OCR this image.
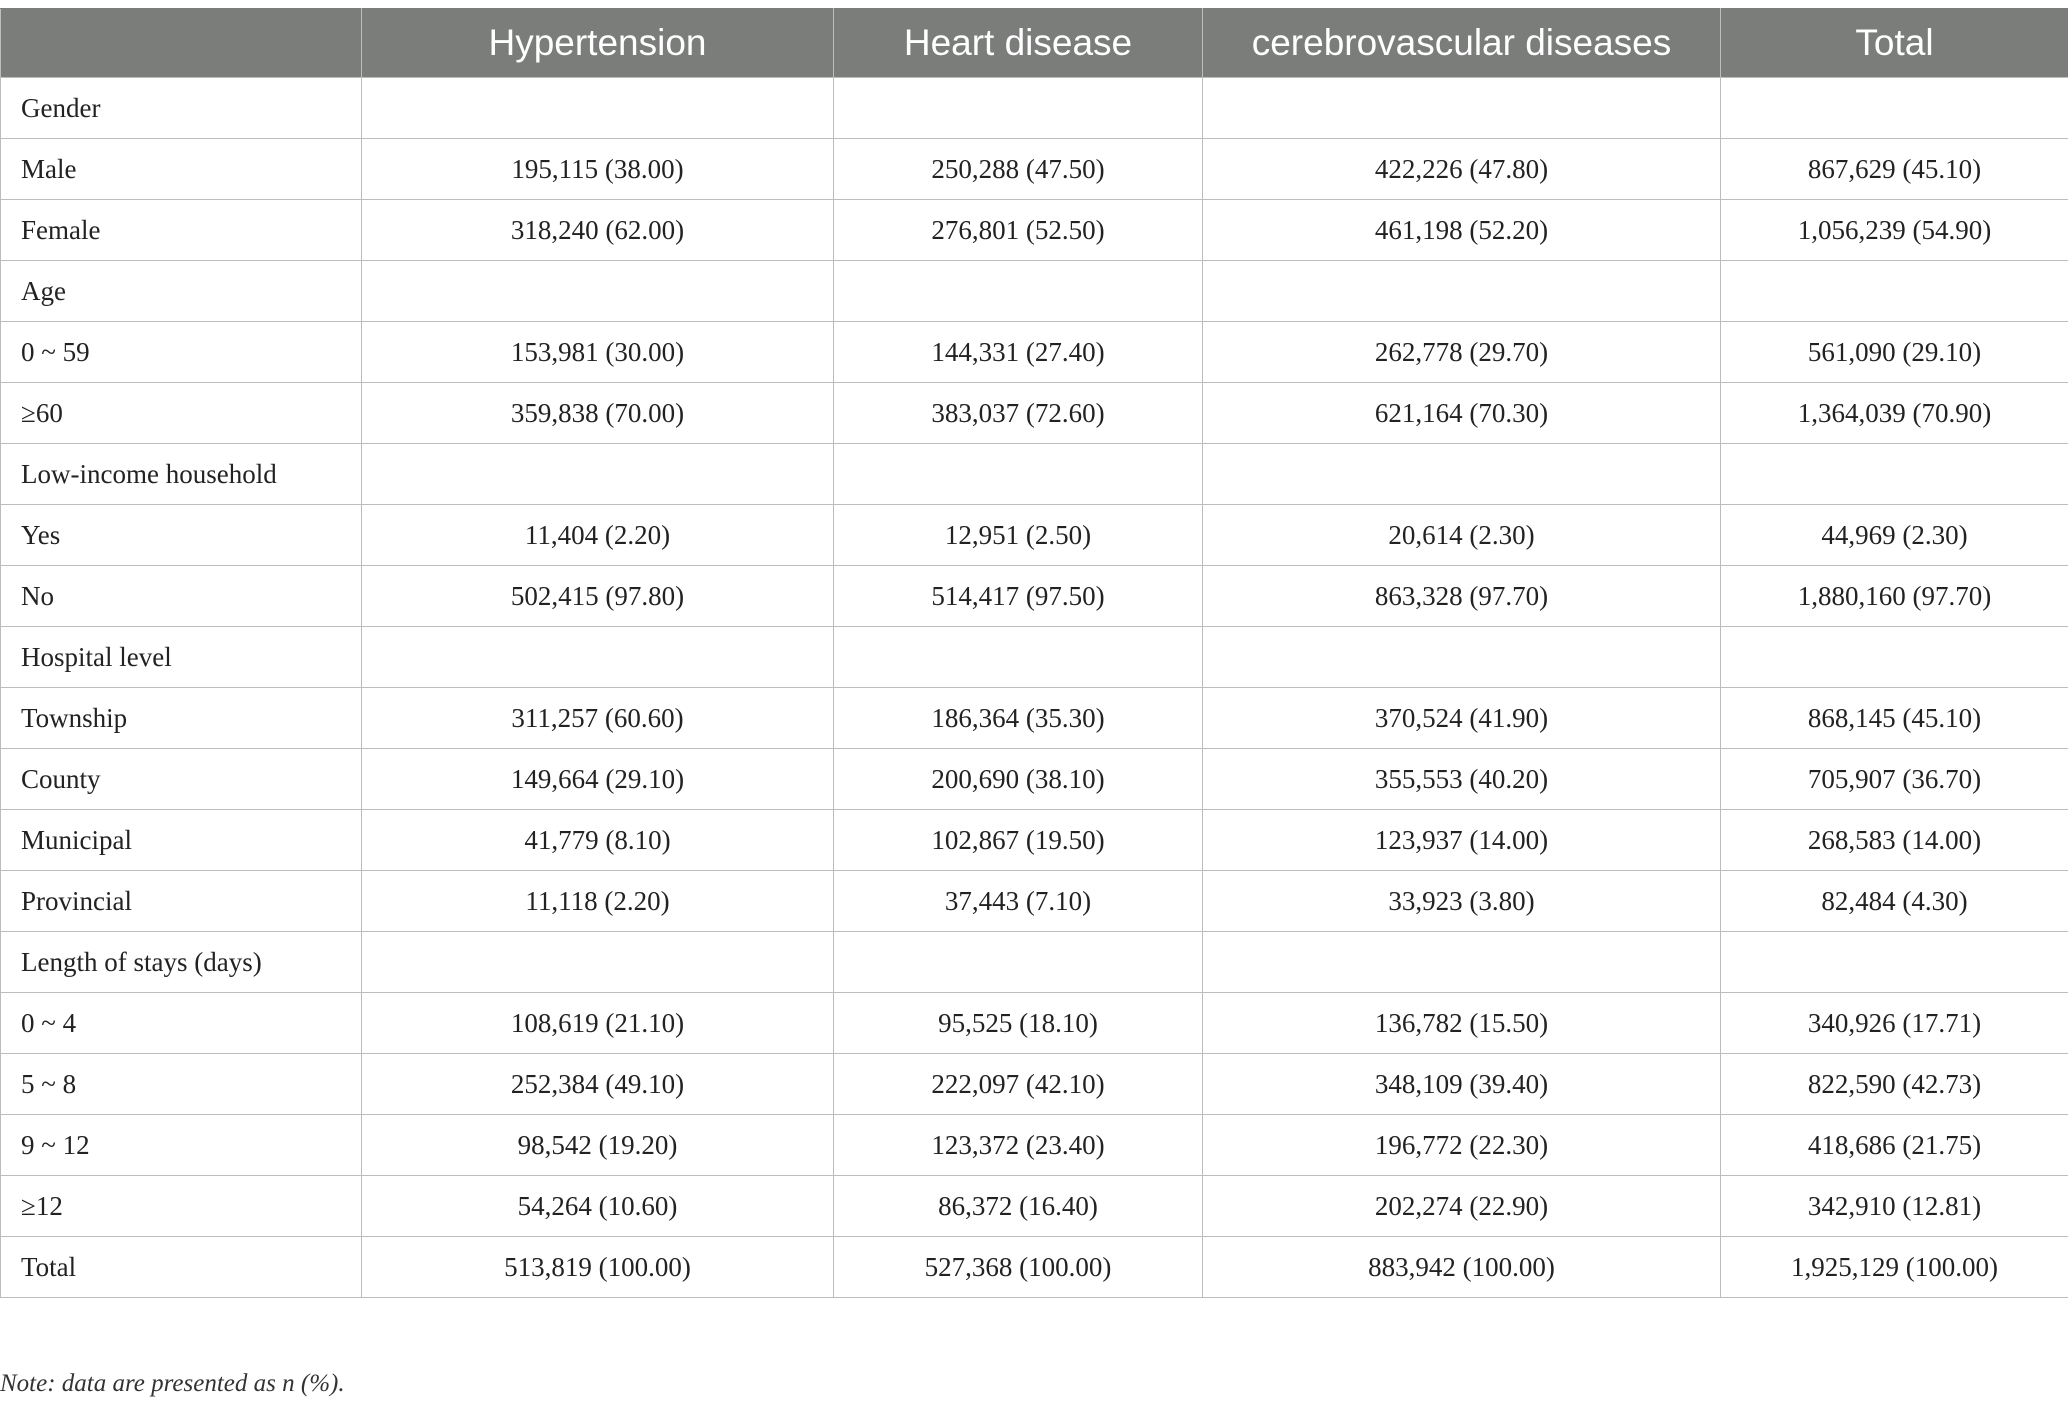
	Hypertension	Heart disease	cerebrovascular diseases	Total
Gender				
Male	195,115 (38.00)	250,288 (47.50)	422,226 (47.80)	867,629 (45.10)
Female	318,240 (62.00)	276,801 (52.50)	461,198 (52.20)	1,056,239 (54.90)
Age				
0 ~ 59	153,981 (30.00)	144,331 (27.40)	262,778 (29.70)	561,090 (29.10)
≥60	359,838 (70.00)	383,037 (72.60)	621,164 (70.30)	1,364,039 (70.90)
Low-income household				
Yes	11,404 (2.20)	12,951 (2.50)	20,614 (2.30)	44,969 (2.30)
No	502,415 (97.80)	514,417 (97.50)	863,328 (97.70)	1,880,160 (97.70)
Hospital level				
Township	311,257 (60.60)	186,364 (35.30)	370,524 (41.90)	868,145 (45.10)
County	149,664 (29.10)	200,690 (38.10)	355,553 (40.20)	705,907 (36.70)
Municipal	41,779 (8.10)	102,867 (19.50)	123,937 (14.00)	268,583 (14.00)
Provincial	11,118 (2.20)	37,443 (7.10)	33,923 (3.80)	82,484 (4.30)
Length of stays (days)				
0 ~ 4	108,619 (21.10)	95,525 (18.10)	136,782 (15.50)	340,926 (17.71)
5 ~ 8	252,384 (49.10)	222,097 (42.10)	348,109 (39.40)	822,590 (42.73)
9 ~ 12	98,542 (19.20)	123,372 (23.40)	196,772 (22.30)	418,686 (21.75)
≥12	54,264 (10.60)	86,372 (16.40)	202,274 (22.90)	342,910 (12.81)
Total	513,819 (100.00)	527,368 (100.00)	883,942 (100.00)	1,925,129 (100.00)
Note: data are presented as n (%).
